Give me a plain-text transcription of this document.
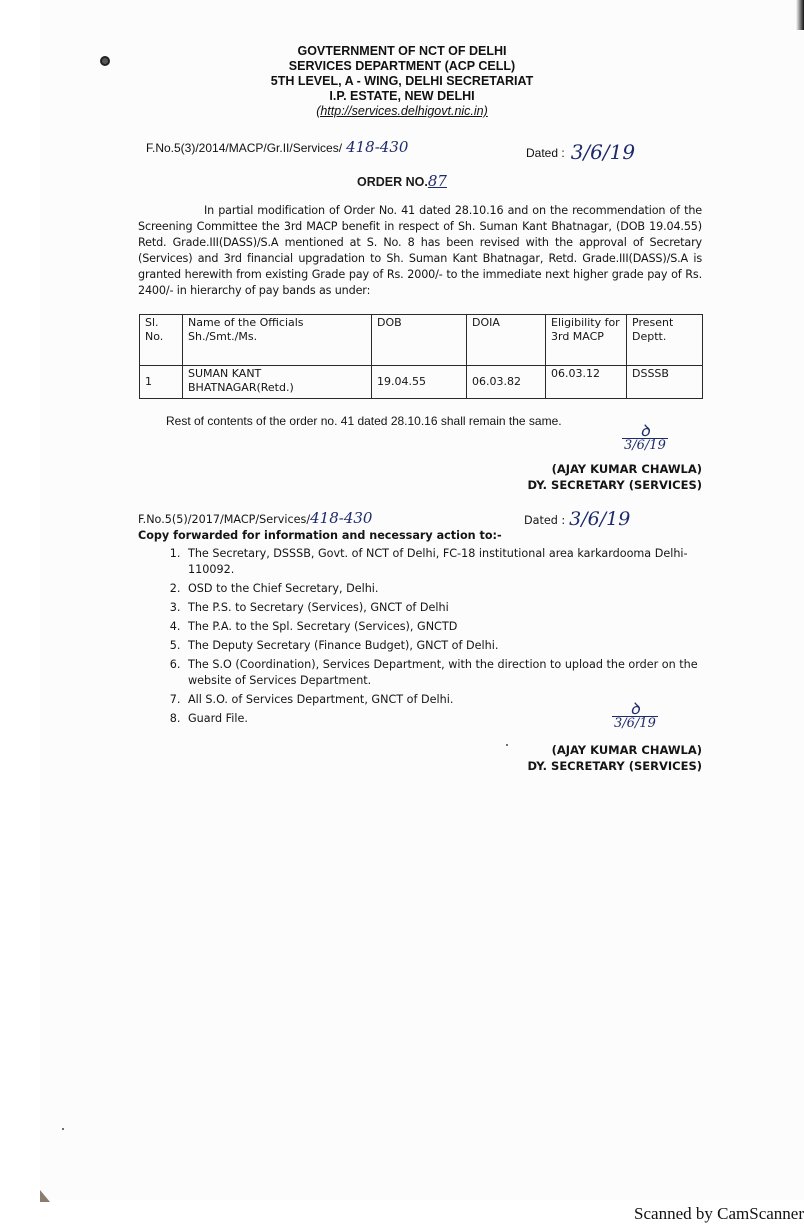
GOVTERNMENT OF NCT OF DELHI
SERVICES DEPARTMENT (ACP CELL)
5TH LEVEL, A - WING, DELHI SECRETARIAT
I.P. ESTATE, NEW DELHI
(http://services.delhigovt.nic.in)
F.No.5(3)/2014/MACP/Gr.II/Services/ 418-430	Dated : 3/6/19
ORDER NO.87
In partial modification of Order No. 41 dated 28.10.16 and on the recommendation of the Screening Committee the 3rd MACP benefit in respect of Sh. Suman Kant Bhatnagar, (DOB 19.04.55) Retd. Grade.III(DASS)/S.A mentioned at S. No. 8 has been revised with the approval of Secretary (Services) and 3rd financial upgradation to Sh. Suman Kant Bhatnagar, Retd. Grade.III(DASS)/S.A is granted herewith from existing Grade pay of Rs. 2000/- to the immediate next higher grade pay of Rs. 2400/- in hierarchy of pay bands as under:
Sl. No.	Name of the Officials Sh./Smt./Ms.	DOB	DOIA	Eligibility for 3rd MACP	Present Deptt.
1	SUMAN KANT BHATNAGAR(Retd.)	19.04.55	06.03.82	06.03.12	DSSSB
Rest of contents of the order no. 41 dated 28.10.16 shall remain the same.	ꝺ
3/6/19
(AJAY KUMAR CHAWLA)
DY. SECRETARY (SERVICES)
F.No.5(5)/2017/MACP/Services/418-430	Dated : 3/6/19
Copy forwarded for information and necessary action to:-
1. The Secretary, DSSSB, Govt. of NCT of Delhi, FC-18 institutional area karkardooma Delhi-110092.
2. OSD to the Chief Secretary, Delhi.
3. The P.S. to Secretary (Services), GNCT of Delhi
4. The P.A. to the Spl. Secretary (Services), GNCTD
5. The Deputy Secretary (Finance Budget), GNCT of Delhi.
6. The S.O (Coordination), Services Department, with the direction to upload the order on the website of Services Department.
7. All S.O. of Services Department, GNCT of Delhi.
8. Guard File.
ꝺ
3/6/19
(AJAY KUMAR CHAWLA)
DY. SECRETARY (SERVICES)
Scanned by CamScanner
